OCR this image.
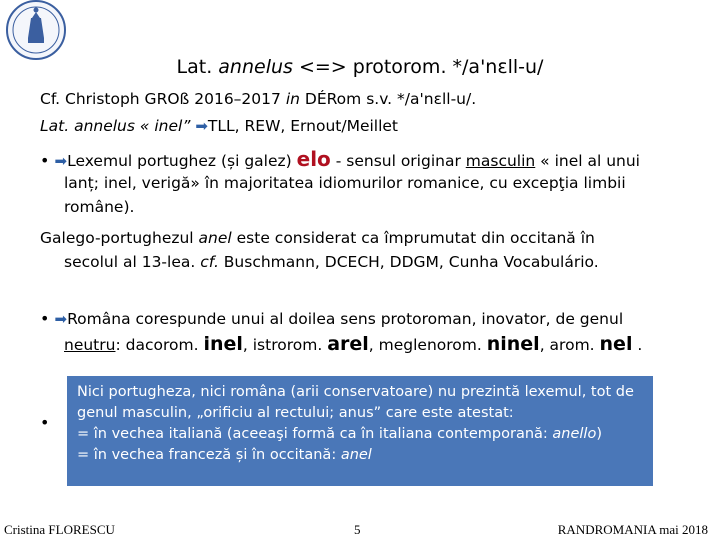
Lat. annelus <=> protorom. */a'nɛll‑u/
Cf. Christoph GROß 2016–2017 in DÉRom s.v. */a'nɛll‑u/.
Lat. annelus « inel” ➡TLL, REW, Ernout/Meillet
• ➡Lexemul portughez (și galez) elo - sensul originar masculin « inel al unui
lanț; inel, verigă» în majoritatea idiomurilor romanice, cu excepţia limbii
române).
Galego-portughezul anel este considerat ca împrumutat din occitană în
secolul al 13-lea. cf. Buschmann, DCECH, DDGM, Cunha Vocabulário.
• ➡Româna corespunde unui al doilea sens protoroman, inovator, de genul
neutru: dacorom. inel, istrorom. arel, meglenorom. ninel, arom. nel .
•
Nici portugheza, nici româna (arii conservatoare) nu prezintă lexemul, tot de
genul masculin, „orificiu al rectului; anus” care este atestat:
= în vechea italiană (aceeaşi formă ca în italiana contemporană: anello)
= în vechea franceză și în occitană: anel
Cristina FLORESCU	5	RANDROMANIA mai 2018
